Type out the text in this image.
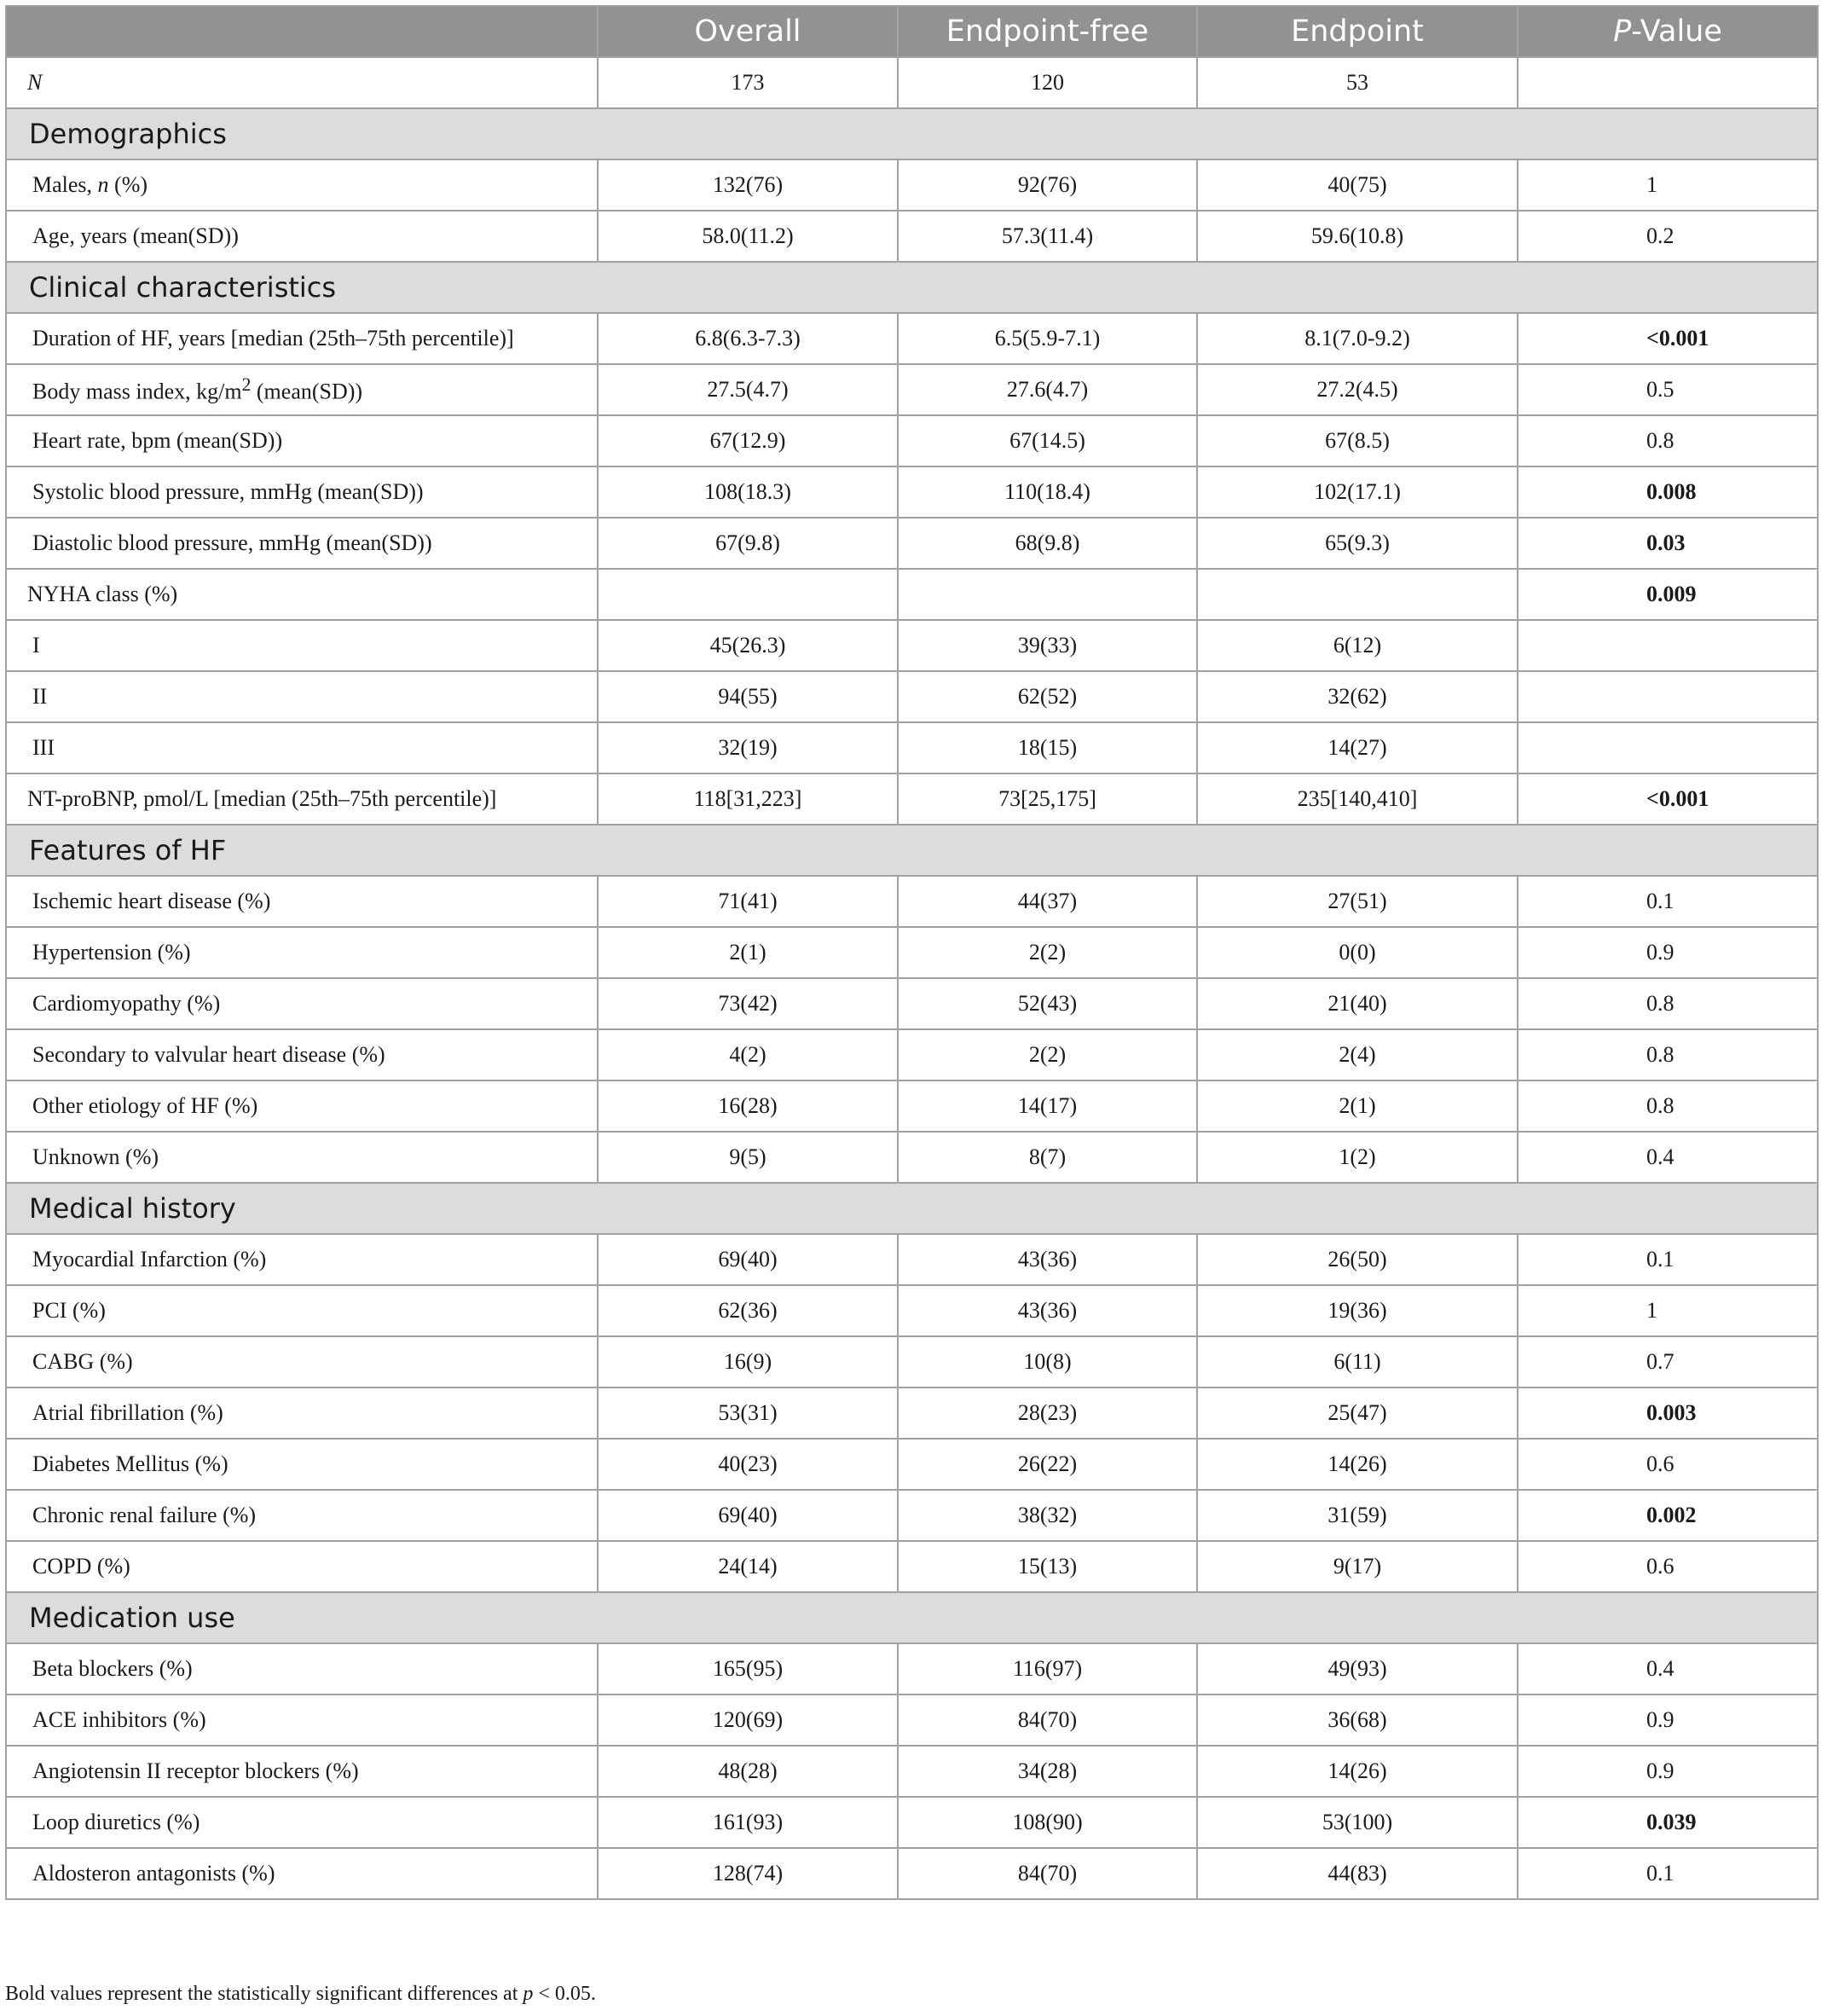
	Overall	Endpoint-free	Endpoint	P-Value
N	173	120	53	
Demographics				
Males, n (%)	132(76)	92(76)	40(75)	1
Age, years (mean(SD))	58.0(11.2)	57.3(11.4)	59.6(10.8)	0.2
Clinical characteristics				
Duration of HF, years [median (25th–75th percentile)]	6.8(6.3-7.3)	6.5(5.9-7.1)	8.1(7.0-9.2)	<0.001
Body mass index, $kg/m^2$ (mean(SD))	27.5(4.7)	27.6(4.7)	27.2(4.5)	0.5
Heart rate, bpm (mean(SD))	67(12.9)	67(14.5)	67(8.5)	0.8
Systolic blood pressure, mmHg (mean(SD))	108(18.3)	110(18.4)	102(17.1)	0.008
Diastolic blood pressure, mmHg (mean(SD))	67(9.8)	68(9.8)	65(9.3)	0.03
NYHA class (%)				0.009
I	45(26.3)	39(33)	6(12)	
II	94(55)	62(52)	32(62)	
III	32(19)	18(15)	14(27)	
NT-proBNP, pmol/L [median (25th–75th percentile)]	118[31,223]	73[25,175]	235[140,410]	<0.001
Features of HF				
Ischemic heart disease (%)	71(41)	44(37)	27(51)	0.1
Hypertension (%)	2(1)	2(2)	0(0)	0.9
Cardiomyopathy (%)	73(42)	52(43)	21(40)	0.8
Secondary to valvular heart disease (%)	4(2)	2(2)	2(4)	0.8
Other etiology of HF (%)	16(28)	14(17)	2(1)	0.8
Unknown (%)	9(5)	8(7)	1(2)	0.4
Medical history				
Myocardial Infarction (%)	69(40)	43(36)	26(50)	0.1
PCI (%)	62(36)	43(36)	19(36)	1
CABG (%)	16(9)	10(8)	6(11)	0.7
Atrial fibrillation (%)	53(31)	28(23)	25(47)	0.003
Diabetes Mellitus (%)	40(23)	26(22)	14(26)	0.6
Chronic renal failure (%)	69(40)	38(32)	31(59)	0.002
COPD (%)	24(14)	15(13)	9(17)	0.6
Medication use				
Beta blockers (%)	165(95)	116(97)	49(93)	0.4
ACE inhibitors (%)	120(69)	84(70)	36(68)	0.9
Angiotensin II receptor blockers (%)	48(28)	34(28)	14(26)	0.9
Loop diuretics (%)	161(93)	108(90)	53(100)	0.039
Aldosteron antagonists (%)	128(74)	84(70)	44(83)	0.1
Bold values represent the statistically significant differences at p < 0.05.
